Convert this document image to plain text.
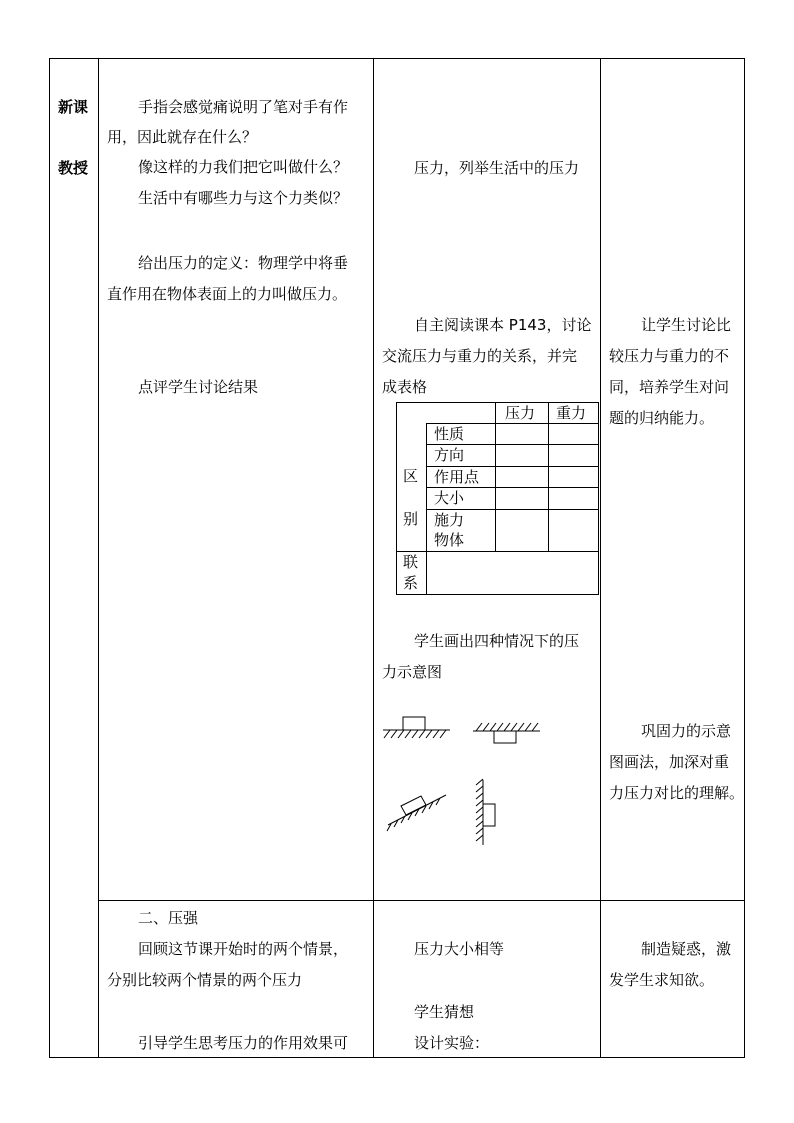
新课
教授
手指会感觉痛说明了笔对手有作
用，因此就存在什么？
像这样的力我们把它叫做什么？
生活中有哪些力与这个力类似？
给出压力的定义：物理学中将垂
直作用在物体表面上的力叫做压力。
点评学生讨论结果
压力，列举生活中的压力
自主阅读课本 P143，讨论
交流压力与重力的关系，并完
成表格
压力 重力
区
别
性质
方向
作用点
大小
施力
物体
联
系
学生画出四种情况下的压
力示意图
让学生讨论比
较压力与重力的不
同，培养学生对问
题的归纳能力。
巩固力的示意
图画法，加深对重
力压力对比的理解。
二、压强
回顾这节课开始时的两个情景，
分别比较两个情景的两个压力
引导学生思考压力的作用效果可
压力大小相等
学生猜想
设计实验：
制造疑惑，激
发学生求知欲。
